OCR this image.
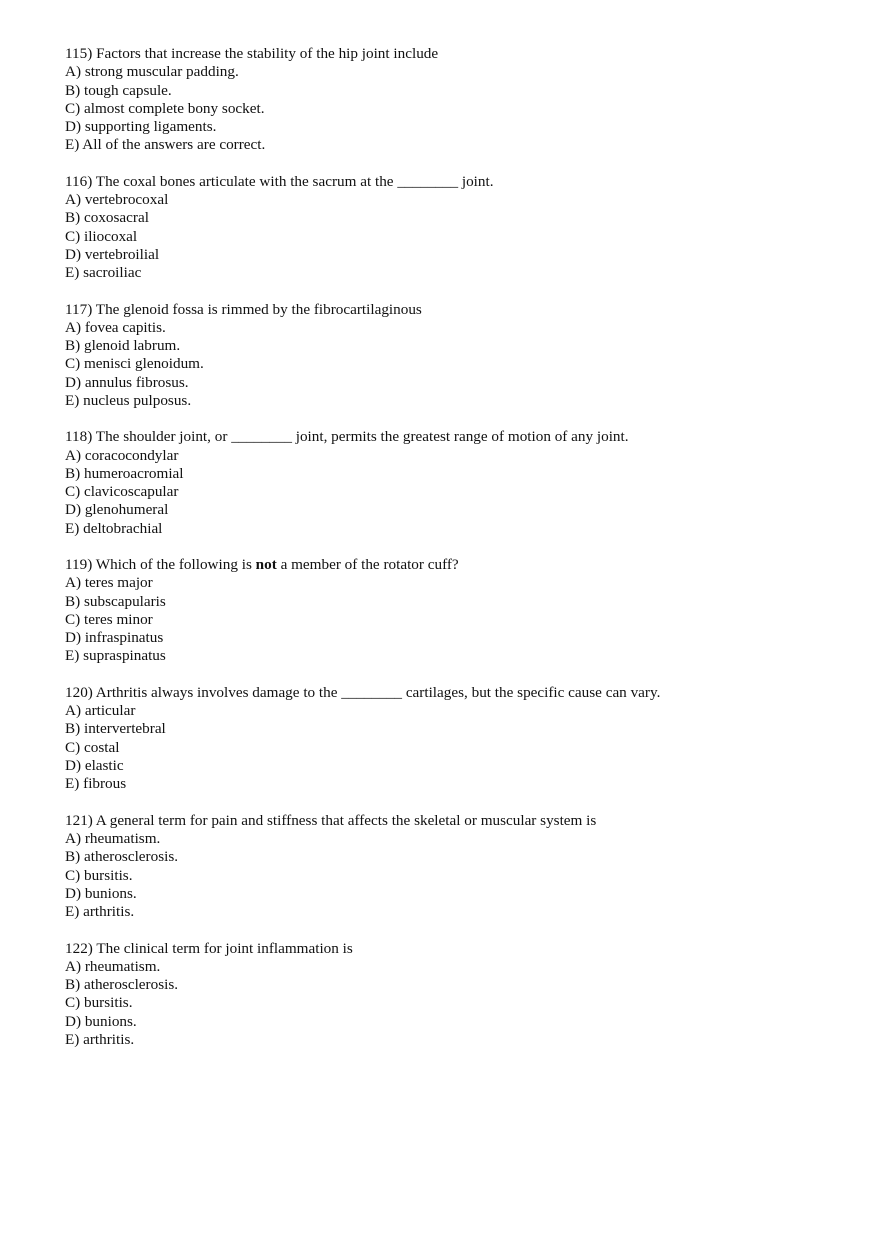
115) Factors that increase the stability of the hip joint include
A) strong muscular padding.
B) tough capsule.
C) almost complete bony socket.
D) supporting ligaments.
E) All of the answers are correct.
116) The coxal bones articulate with the sacrum at the ________ joint.
A) vertebrocoxal
B) coxosacral
C) iliocoxal
D) vertebroilial
E) sacroiliac
117) The glenoid fossa is rimmed by the fibrocartilaginous
A) fovea capitis.
B) glenoid labrum.
C) menisci glenoidum.
D) annulus fibrosus.
E) nucleus pulposus.
118) The shoulder joint, or ________ joint, permits the greatest range of motion of any joint.
A) coracocondylar
B) humeroacromial
C) clavicoscapular
D) glenohumeral
E) deltobrachial
119) Which of the following is not a member of the rotator cuff?
A) teres major
B) subscapularis
C) teres minor
D) infraspinatus
E) supraspinatus
120) Arthritis always involves damage to the ________ cartilages, but the specific cause can vary.
A) articular
B) intervertebral
C) costal
D) elastic
E) fibrous
121) A general term for pain and stiffness that affects the skeletal or muscular system is
A) rheumatism.
B) atherosclerosis.
C) bursitis.
D) bunions.
E) arthritis.
122) The clinical term for joint inflammation is
A) rheumatism.
B) atherosclerosis.
C) bursitis.
D) bunions.
E) arthritis.
